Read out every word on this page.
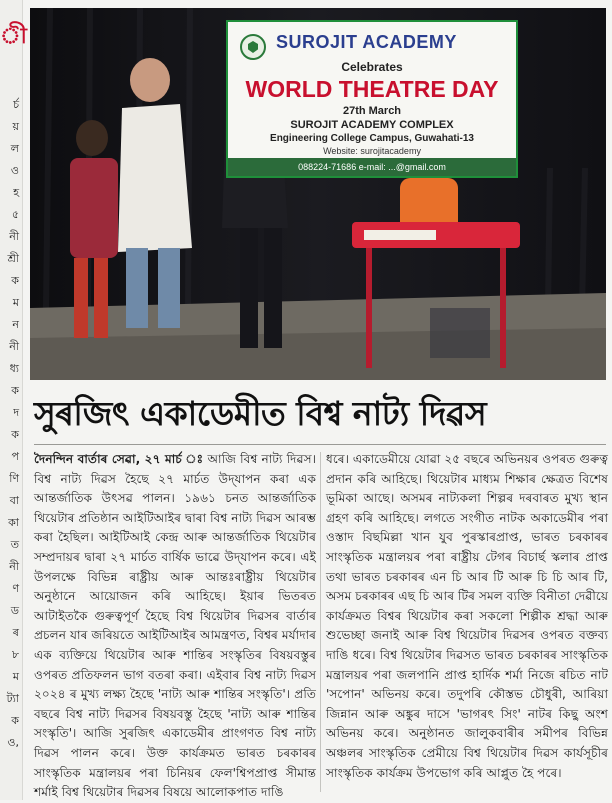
ী
র্চ
য়
ল
ও
হ
৫
নী
শ্রী
ক
ম
ন
নী
ধ্য
ক
দ
ক
প
ণি
বা
কা
ত
নী
ণ
ড
ৰ
৮
ম
ট্যা
ক
ও,
SUROJIT ACADEMY
Celebrates
WORLD THEATRE DAY
27th March
SUROJIT ACADEMY COMPLEX
Engineering College Campus, Guwahati-13
Website: surojitacademy
088224-71686 e-mail: ...@gmail.com
সুৰজিৎ একাডেমীত বিশ্ব নাট্য দিৱস
দৈনন্দিন বাৰ্তাৰ সেৱা, ২৭ মাৰ্চ ঃ আজি বিশ্ব নাট্য দিৱস। বিশ্ব নাট্য দিৱস হৈছে ২৭ মাৰ্চত উদ্‌যাপন কৰা এক আন্তৰ্জাতিক উৎসৱ পালন। ১৯৬১ চনত আন্তৰ্জাতিক থিয়েটাৰ প্ৰতিষ্ঠান আইটিআইৰ দ্বাৰা বিশ্ব নাট্য দিৱস আৰম্ভ কৰা হৈছিল। আইটিআই কেন্দ্ৰ আৰু আন্তৰ্জাতিক থিয়েটাৰ সম্প্ৰদায়ৰ দ্বাৰা ২৭ মাৰ্চত বাৰ্ষিক ভাৱে উদ্‌যাপন কৰে। এই উপলক্ষে বিভিন্ন ৰাষ্ট্ৰীয় আৰু আন্তঃৰাষ্ট্ৰীয় থিয়েটাৰ অনুষ্ঠানে আয়োজন কৰি আহিছে। ইয়াৰ ভিতৰত আটাইতকৈ গুৰুত্বপূৰ্ণ হৈছে বিশ্ব থিয়েটাৰ দিৱসৰ বাৰ্তাৰ প্ৰচলন যাৰ জৰিয়তে আইটিআইৰ আমন্ত্ৰণত, বিশ্বৰ মৰ্যাদাৰ এক ব্যক্তিয়ে থিয়েটাৰ আৰু শান্তিৰ সংস্কৃতিৰ বিষয়বস্তুৰ ওপৰত প্ৰতিফলন ভাগ বতৰা কৰা। এইবাৰ বিশ্ব নাট্য দিৱস ২০২৪ ৰ মুখ্য লক্ষ্য হৈছে 'নাট্য আৰু শান্তিৰ সংস্কৃতি'। প্ৰতি বছৰে বিশ্ব নাট্য দিৱসৰ বিষয়বস্তু হৈছে 'নাট্য আৰু শান্তিৰ সংস্কৃতি'। আজি সুৰজিৎ একাডেমীৰ প্ৰাংগণত বিশ্ব নাট্য দিৱস পালন কৰে। উক্ত কাৰ্যক্ৰমত ভাৰত চৰকাৰৰ সাংস্কৃতিক মন্ত্ৰালয়ৰ পৰা চিনিয়ৰ ফেল'শ্বিপপ্ৰাপ্ত সীমান্ত শৰ্মাই বিশ্ব থিয়েটাৰ দিৱসৰ বিষয়ে আলোকপাত দাঙি
ধৰে। একাডেমীয়ে যোৱা ২৫ বছৰে অভিনয়ৰ ওপৰত গুৰুত্ব প্ৰদান কৰি আহিছে। থিয়েটাৰ মাধ্যম শিক্ষাৰ ক্ষেত্ৰত বিশেষ ভূমিকা আছে। অসমৰ নাট্যকলা শিল্পৰ দৰবাৰত মুখ্য স্থান গ্ৰহণ কৰি আহিছে। লগতে সংগীত নাটক অকাডেমীৰ পৰা ওস্তাদ বিছমিল্লা খান যুব পুৰস্কাৰপ্ৰাপ্ত, ভাৰত চৰকাৰৰ সাংস্কৃতিক মন্ত্ৰালয়ৰ পৰা ৰাষ্ট্ৰীয় টেগৰ বিচাৰ্ছ স্কলাৰ প্ৰাপ্ত তথা ভাৰত চৰকাৰৰ এন চি আৰ টি আৰু চি চি আৰ টি, অসম চৰকাৰৰ এছ চি আৰ টিৰ সমল ব্যক্তি বিনীতা দেৱীয়ে কাৰ্যক্ৰমত বিশ্বৰ থিয়েটাৰ কৰা সকলো শিল্পীক শ্ৰদ্ধা আৰু শুভেচ্ছা জনাই আৰু বিশ্ব থিয়েটাৰ দিৱসৰ ওপৰত বক্তব্য দাঙি ধৰে। বিশ্ব থিয়েটাৰ দিৱসত ভাৰত চৰকাৰৰ সাংস্কৃতিক মন্ত্ৰালয়ৰ পৰা জলপানি প্ৰাপ্ত হাৰ্দিক শৰ্মা নিজে ৰচিত নাট 'সপোন' অভিনয় কৰে। তদুপৰি কৌস্তভ চৌধুৰী, আৰিয়া জিন্নান আৰু অঙ্কুৰ দাসে 'ভাগৰৎ সিং' নাটৰ কিছু অংশ অভিনয় কৰে। অনুষ্ঠানত জালুকবাৰীৰ সমীপৰ বিভিন্ন অঞ্চলৰ সাংস্কৃতিক প্ৰেমীয়ে বিশ্ব থিয়েটাৰ দিৱস কাৰ্যসূচীৰ সাংস্কৃতিক কাৰ্যক্ৰম উপভোগ কৰি আপ্লুত হৈ পৰে।
